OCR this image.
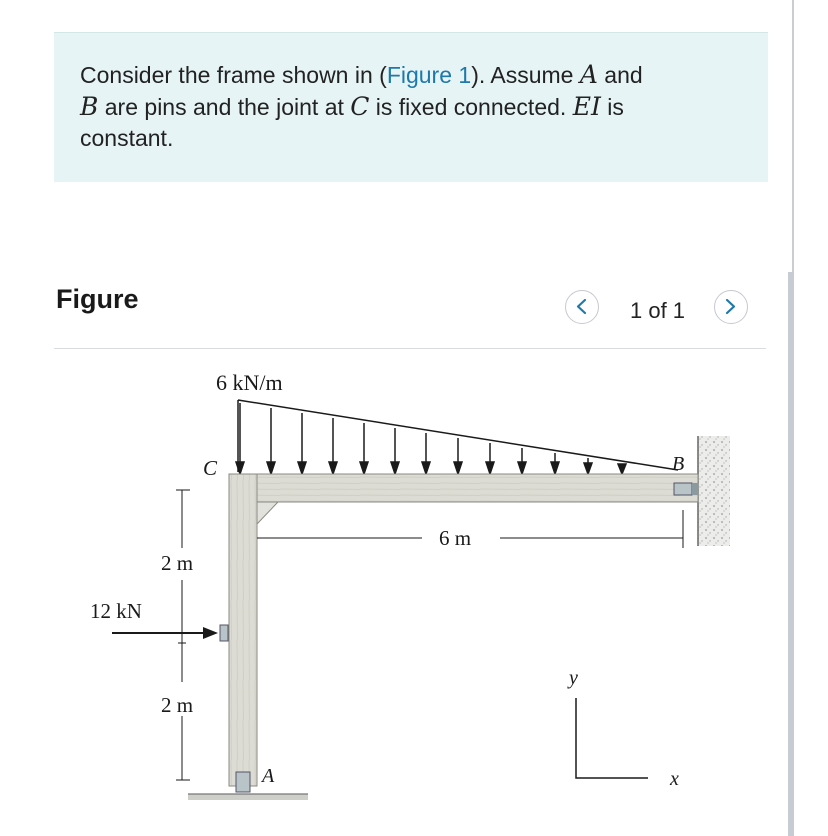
Consider the frame shown in (Figure 1). Assume A and
B are pins and the joint at C is fixed connected. EI is
constant.
Figure	1 of 1
6 kN/m
C	B
A
2 m
2 m
6 m
12 kN
y
x
